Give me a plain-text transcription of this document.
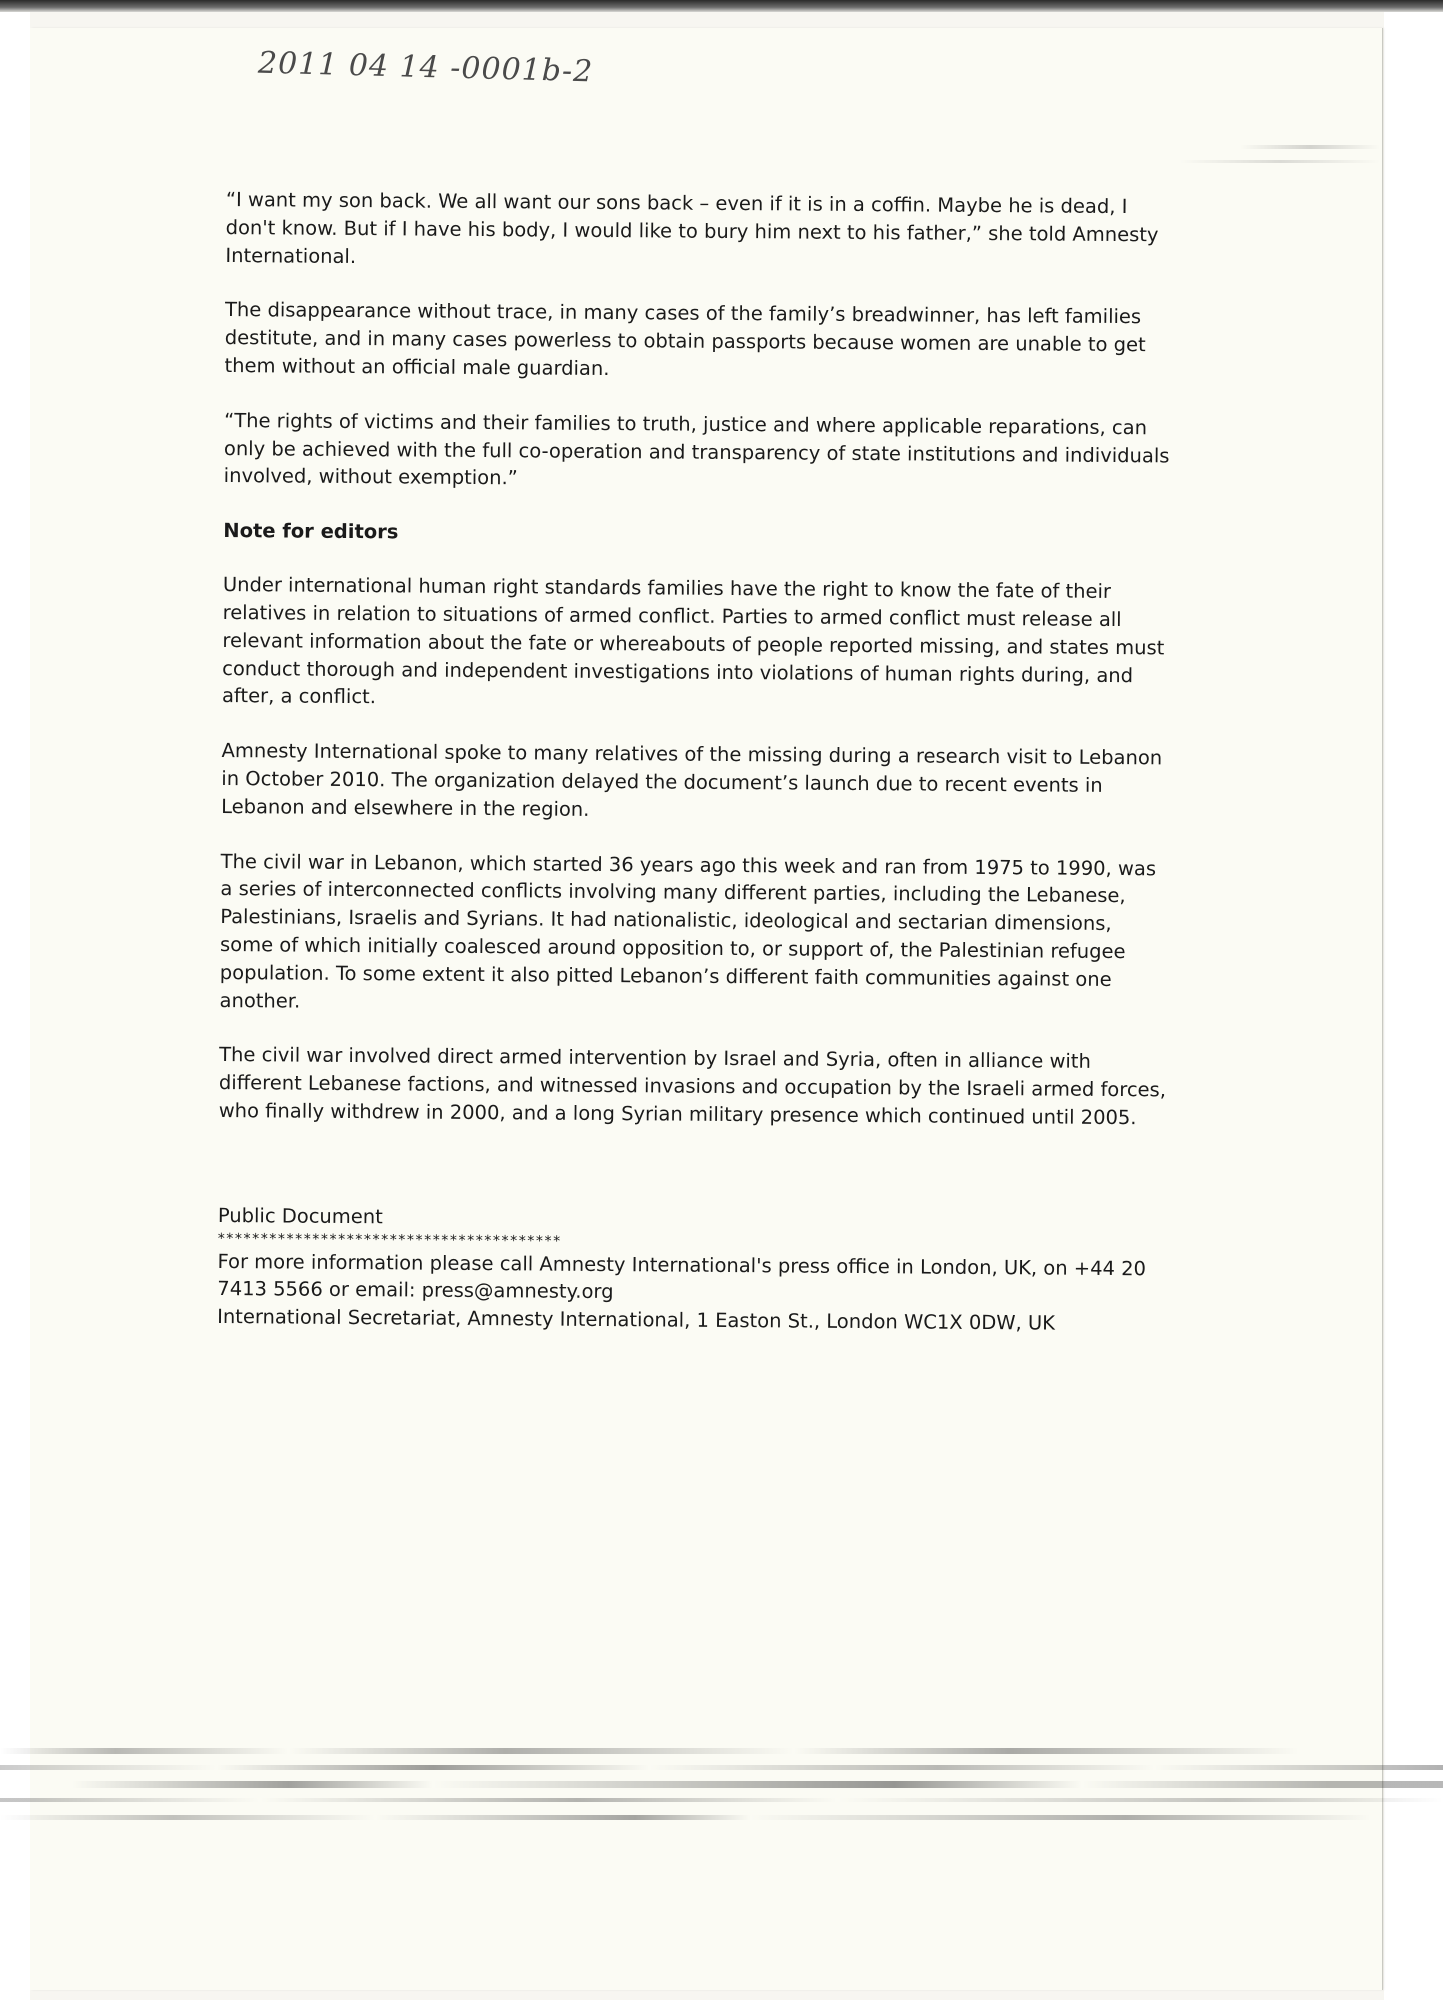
2011 04 14 -0001b-2

“I want my son back. We all want our sons back – even if it is in a coffin. Maybe he is dead, I don't know. But if I have his body, I would like to bury him next to his father,” she told Amnesty International.

The disappearance without trace, in many cases of the family’s breadwinner, has left families destitute, and in many cases powerless to obtain passports because women are unable to get them without an official male guardian.

“The rights of victims and their families to truth, justice and where applicable reparations, can only be achieved with the full co-operation and transparency of state institutions and individuals involved, without exemption.”

Note for editors

Under international human right standards families have the right to know the fate of their relatives in relation to situations of armed conflict. Parties to armed conflict must release all relevant information about the fate or whereabouts of people reported missing, and states must conduct thorough and independent investigations into violations of human rights during, and after, a conflict.

Amnesty International spoke to many relatives of the missing during a research visit to Lebanon in October 2010. The organization delayed the document’s launch due to recent events in Lebanon and elsewhere in the region.

The civil war in Lebanon, which started 36 years ago this week and ran from 1975 to 1990, was a series of interconnected conflicts involving many different parties, including the Lebanese, Palestinians, Israelis and Syrians. It had nationalistic, ideological and sectarian dimensions, some of which initially coalesced around opposition to, or support of, the Palestinian refugee population. To some extent it also pitted Lebanon’s different faith communities against one another.

The civil war involved direct armed intervention by Israel and Syria, often in alliance with different Lebanese factions, and witnessed invasions and occupation by the Israeli armed forces, who finally withdrew in 2000, and a long Syrian military presence which continued until 2005.

Public Document

****************************************

For more information please call Amnesty International's press office in London, UK, on +44 20 7413 5566 or email: press@amnesty.org

International Secretariat, Amnesty International, 1 Easton St., London WC1X 0DW, UK
